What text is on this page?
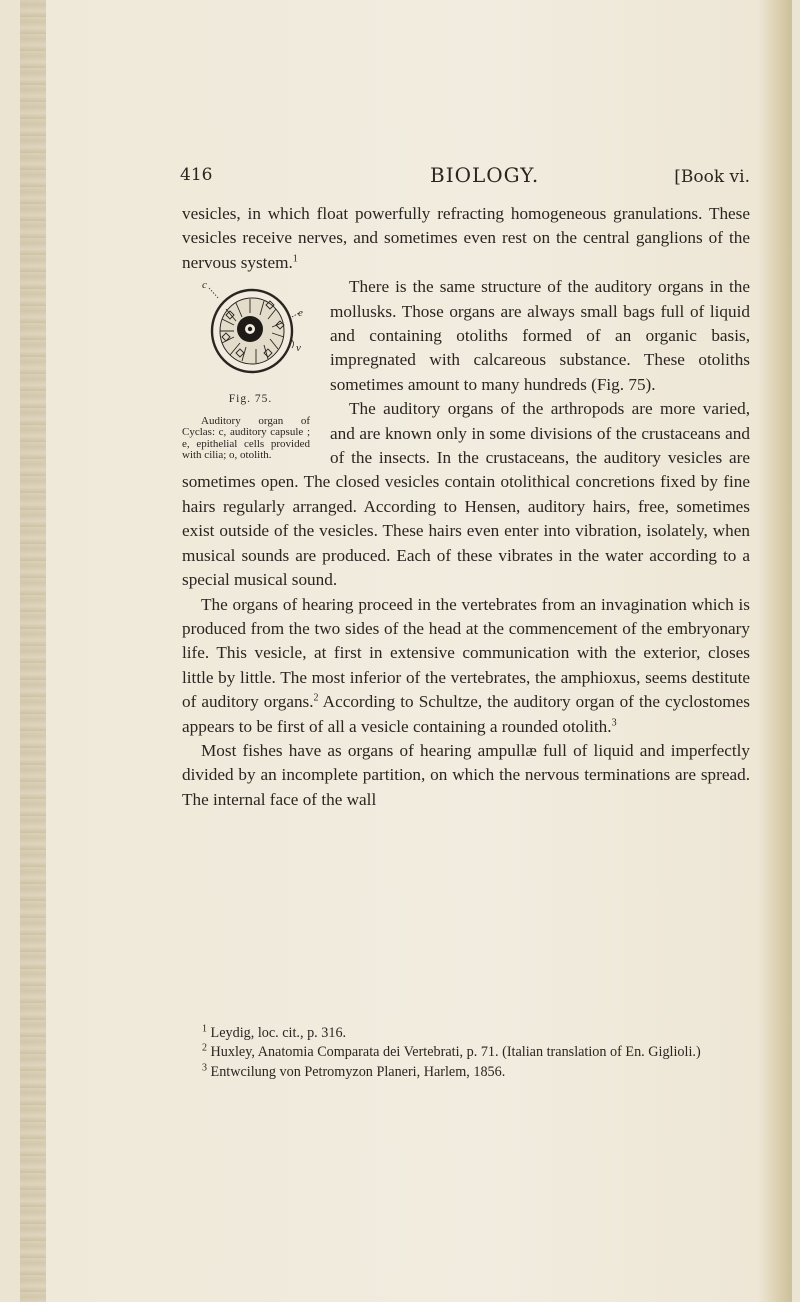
416	BIOLOGY.	[Book vi.

vesicles, in which float powerfully refracting homogeneous granulations. These vesicles receive nerves, and sometimes even rest on the central ganglions of the nervous system.$^1$

c
e
v
Fig. 75.
Auditory organ of Cyclas: c, auditory capsule ; e, epithelial cells provided with cilia; o, otolith.
There is the same structure of the auditory organs in the mollusks. Those organs are always small bags full of liquid and containing otoliths formed of an organic basis, impregnated with calcareous substance. These otoliths sometimes amount to many hundreds (Fig. 75).

The auditory organs of the arthropods are more varied, and are known only in some divisions of the crustaceans and of the insects. In the crustaceans, the auditory vesicles are sometimes open. The closed vesicles contain otolithical concretions fixed by fine hairs regularly arranged. According to Hensen, auditory hairs, free, sometimes exist outside of the vesicles. These hairs even enter into vibration, isolately, when musical sounds are produced. Each of these vibrates in the water according to a special musical sound.

The organs of hearing proceed in the vertebrates from an invagination which is produced from the two sides of the head at the commencement of the embryonary life. This vesicle, at first in extensive communication with the exterior, closes little by little. The most inferior of the vertebrates, the amphioxus, seems destitute of auditory organs.$^2$ According to Schultze, the auditory organ of the cyclostomes appears to be first of all a vesicle containing a rounded otolith.$^3$

Most fishes have as organs of hearing ampullæ full of liquid and imperfectly divided by an incomplete partition, on which the nervous terminations are spread. The internal face of the wall

$^1$ Leydig, loc. cit., p. 316.

$^2$ Huxley, Anatomia Comparata dei Vertebrati, p. 71. (Italian translation of En. Giglioli.)

$^3$ Entwcilung von Petromyzon Planeri, Harlem, 1856.
